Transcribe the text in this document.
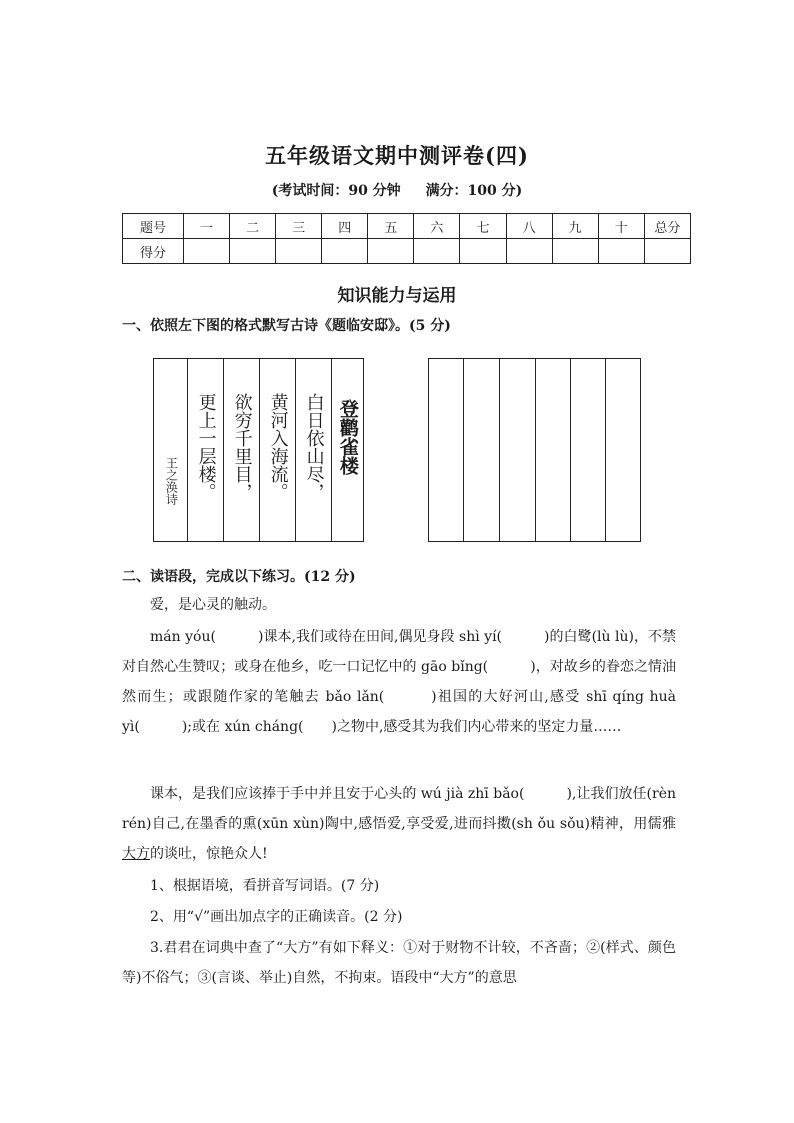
五年级语文期中测评卷(四)
(考试时间：90 分钟 满分：100 分)
题号	一	二	三	四	五	六	七	八	九	十	总分
得分											
知识能力与运用
一、依照左下图的格式默写古诗《题临安邸》。(5 分)
王之涣诗 更上一层楼。 欲穷千里目， 黄河入海流。 白日依山尽， 登鹳雀楼
二、读语段，完成以下练习。(12 分)
爱，是心灵的触动。
mán yóu(　　　)课本,我们或待在田间,偶见身段 shì yí(　　　)的白鹭(lù lù)，不禁对自然心生赞叹；或身在他乡，吃一口记忆中的 gāo bǐng(　　　)，对故乡的眷恋之情油然而生；或跟随作家的笔触去 bǎo lǎn(　　　)祖国的大好河山,感受 shī qíng huà yì(　　　);或在 xún cháng(　　)之物中,感受其为我们内心带来的坚定力量……
课本，是我们应该捧于手中并且安于心头的 wú jià zhī bǎo(　　　),让我们放任(rèn rén)自己,在墨香的熏(xūn xùn)陶中,感悟爱,享受爱,进而抖擞(sh ǒu sǒu)精神，用儒雅大方的谈吐，惊艳众人!
1、根据语境，看拼音写词语。(7 分)
2、用“√”画出加点字的正确读音。(2 分)
3.君君在词典中查了“大方”有如下释义：①对于财物不计较，不吝啬；②(样式、颜色等)不俗气；③(言谈、举止)自然，不拘束。语段中“大方”的意思
